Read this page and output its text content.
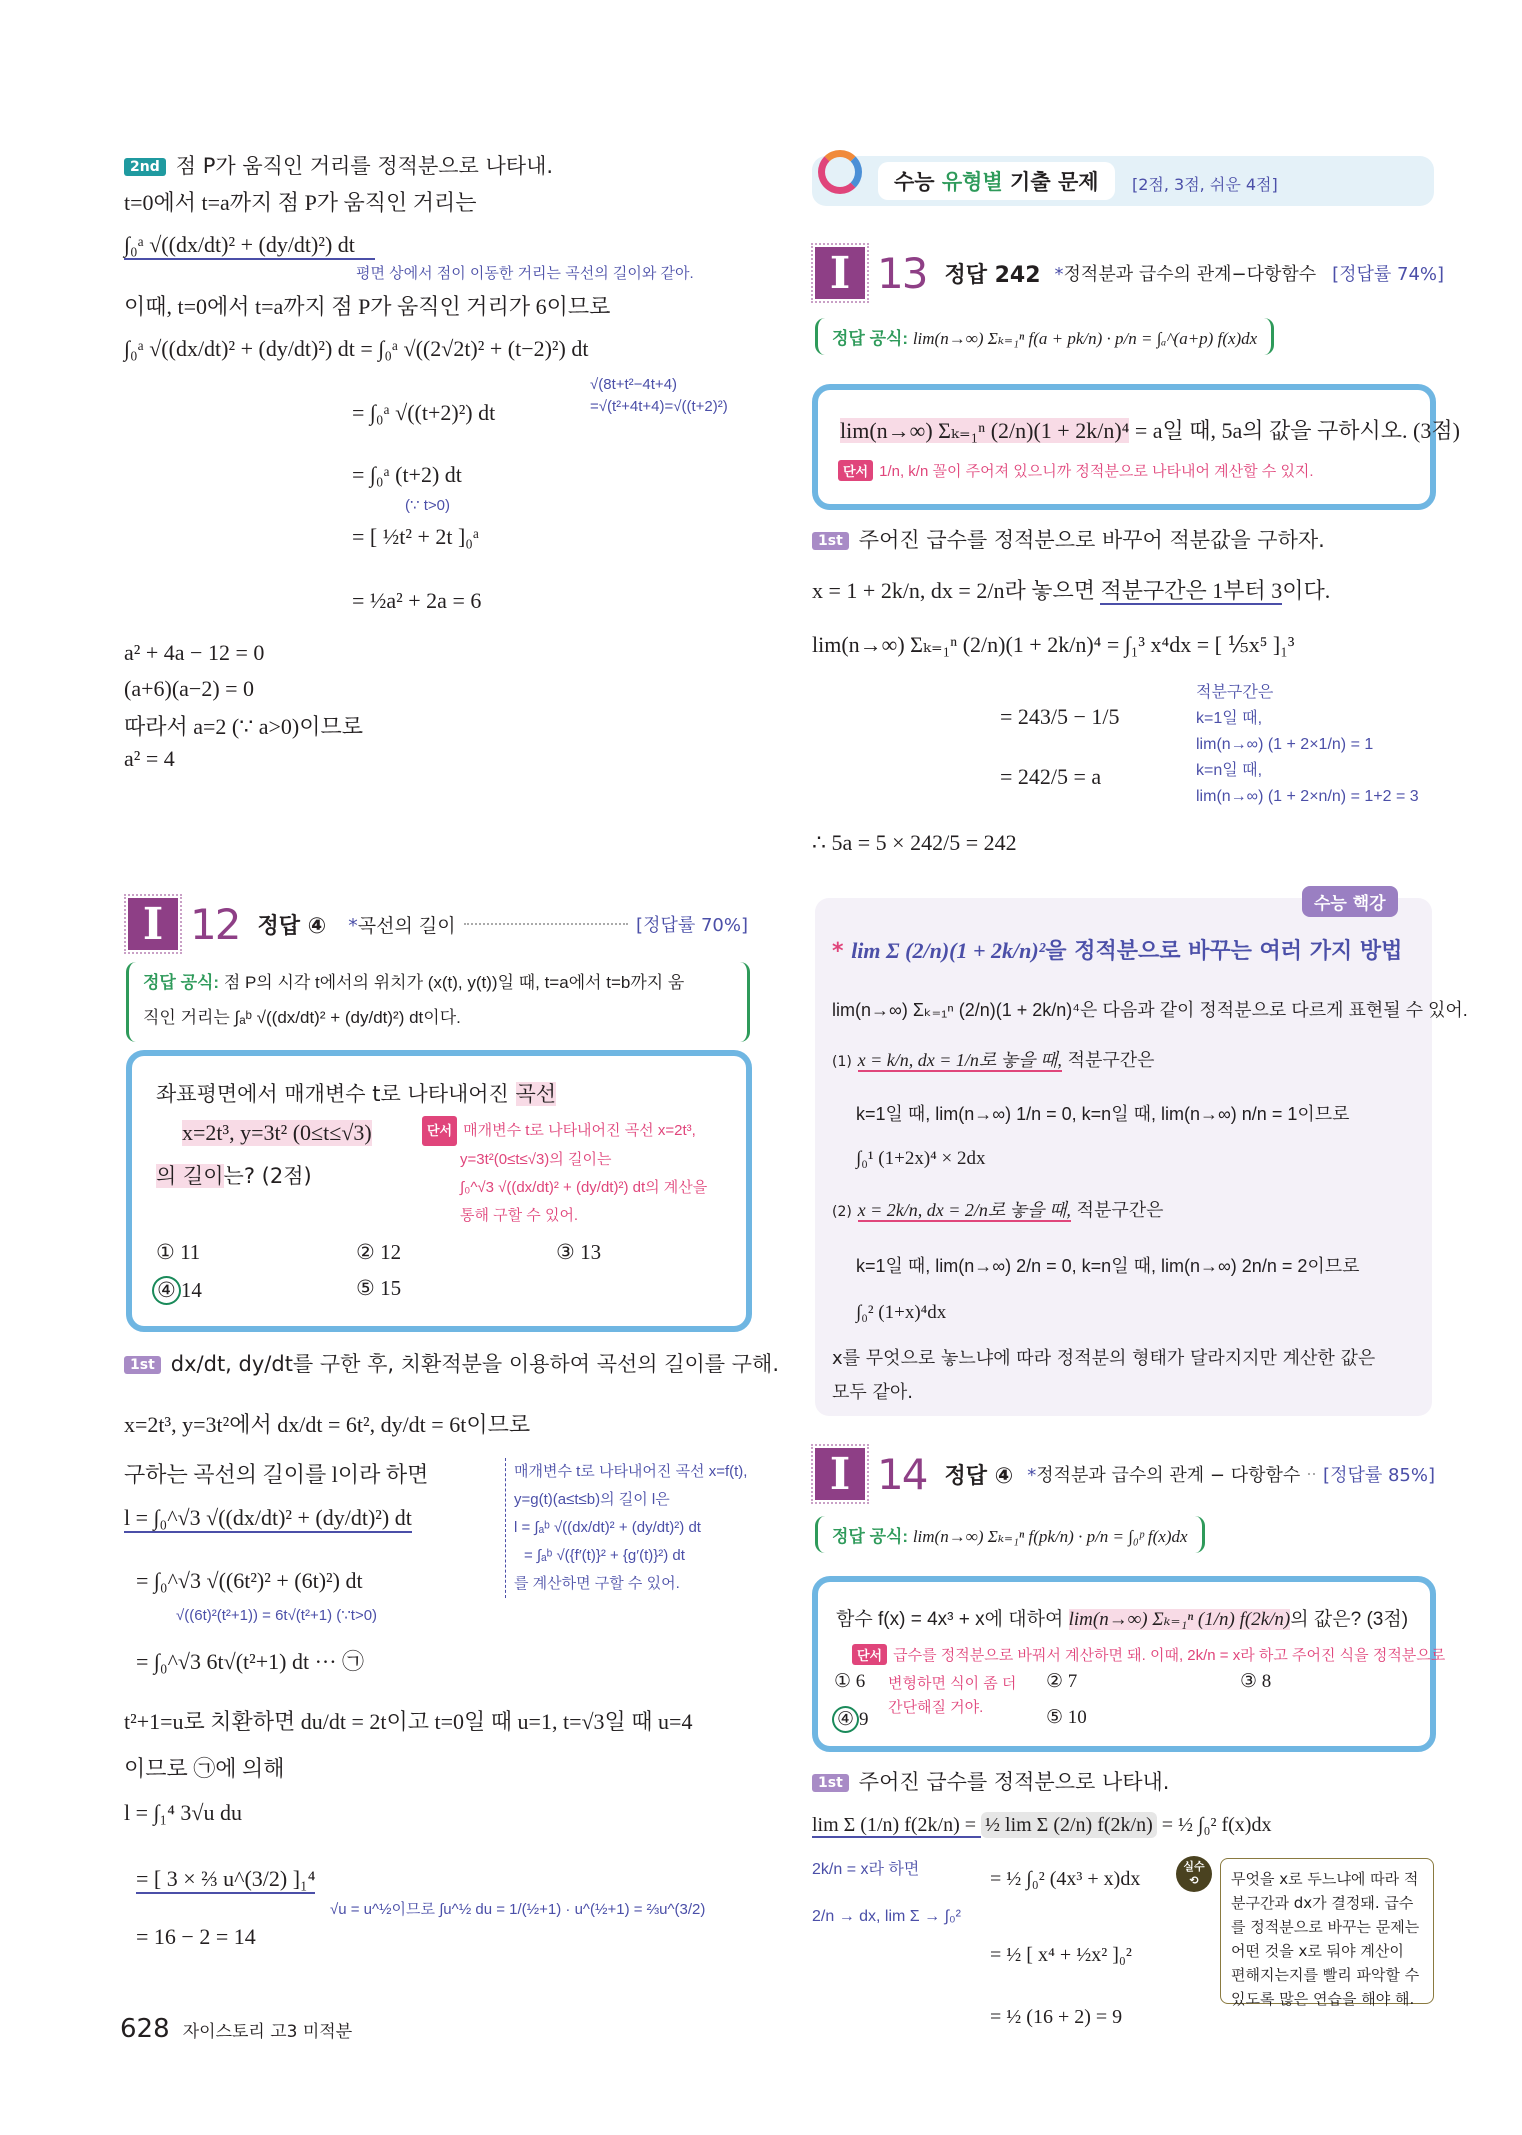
2nd 점 P가 움직인 거리를 정적분으로 나타내.
t=0에서 t=a까지 점 P가 움직인 거리는
∫₀ᵃ √((dx/dt)² + (dy/dt)²) dt
평면 상에서 점이 이동한 거리는 곡선의 길이와 같아.
이때, t=0에서 t=a까지 점 P가 움직인 거리가 6이므로
∫₀ᵃ √((dx/dt)² + (dy/dt)²) dt = ∫₀ᵃ √((2√2t)² + (t−2)²) dt
√(8t+t²−4t+4)
=√(t²+4t+4)=√((t+2)²)
= ∫₀ᵃ √((t+2)²) dt
= ∫₀ᵃ (t+2) dt
(∵ t>0)
= [ ½t² + 2t ]₀ᵃ
= ½a² + 2a = 6
a² + 4a − 12 = 0
(a+6)(a−2) = 0
따라서 a=2 (∵ a>0)이므로
a² = 4
I 12 정답 ④ *곡선의 길이	[정답률 70%]
정답 공식: 점 P의 시각 t에서의 위치가 (x(t), y(t))일 때, t=a에서 t=b까지 움
직인 거리는 ∫ₐᵇ √((dx/dt)² + (dy/dt)²) dt이다.
좌표평면에서 매개변수 t로 나타내어진 곡선
x=2t³, y=3t² (0≤t≤√3)
의 길이는? (2점)
단서 매개변수 t로 나타내어진 곡선 x=2t³,
y=3t²(0≤t≤√3)의 길이는
∫₀^√3 √((dx/dt)² + (dy/dt)²) dt의 계산을
통해 구할 수 있어.
① 11	② 12	③ 13
④ 14	⑤ 15
1st dx/dt, dy/dt를 구한 후, 치환적분을 이용하여 곡선의 길이를 구해.
x=2t³, y=3t²에서 dx/dt = 6t², dy/dt = 6t이므로
구하는 곡선의 길이를 l이라 하면
l = ∫₀^√3 √((dx/dt)² + (dy/dt)²) dt
= ∫₀^√3 √((6t²)² + (6t)²) dt
√((6t)²(t²+1)) = 6t√(t²+1) (∵t>0)
= ∫₀^√3 6t√(t²+1) dt ··· ㉠
매개변수 t로 나타내어진 곡선 x=f(t),
y=g(t)(a≤t≤b)의 길이 l은
l = ∫ₐᵇ √((dx/dt)² + (dy/dt)²) dt
= ∫ₐᵇ √({f′(t)}² + {g′(t)}²) dt
를 계산하면 구할 수 있어.
t²+1=u로 치환하면 du/dt = 2t이고 t=0일 때 u=1, t=√3일 때 u=4
이므로 ㉠에 의해
l = ∫₁⁴ 3√u du
= [ 3 × ⅔ u^(3/2) ]₁⁴
√u = u^½이므로 ∫u^½ du = 1/(½+1) · u^(½+1) = ⅔u^(3/2)
= 16 − 2 = 14
628 자이스토리 고3 미적분
수능 유형별 기출 문제	[2점, 3점, 쉬운 4점]
I 13 정답 242 *정적분과 급수의 관계−다항함수 [정답률 74%]
정답 공식: lim(n→∞) Σₖ₌₁ⁿ f(a + pk/n) · p/n = ∫ₐ^(a+p) f(x)dx
lim(n→∞) Σₖ₌₁ⁿ (2/n)(1 + 2k/n)⁴ = a일 때, 5a의 값을 구하시오. (3점)
단서 1/n, k/n 꼴이 주어져 있으니까 정적분으로 나타내어 계산할 수 있지.
1st 주어진 급수를 정적분으로 바꾸어 적분값을 구하자.
x = 1 + 2k/n, dx = 2/n라 놓으면 적분구간은 1부터 3이다.
lim(n→∞) Σₖ₌₁ⁿ (2/n)(1 + 2k/n)⁴ = ∫₁³ x⁴dx = [ ⅕x⁵ ]₁³
적분구간은
k=1일 때,
lim(n→∞) (1 + 2×1/n) = 1
k=n일 때,
lim(n→∞) (1 + 2×n/n) = 1+2 = 3
= 243/5 − 1/5
= 242/5 = a
∴ 5a = 5 × 242/5 = 242
수능 핵강
* lim Σ (2/n)(1 + 2k/n)²을 정적분으로 바꾸는 여러 가지 방법
lim(n→∞) Σₖ₌₁ⁿ (2/n)(1 + 2k/n)⁴은 다음과 같이 정적분으로 다르게 표현될 수 있어.
(1) x = k/n, dx = 1/n로 놓을 때, 적분구간은
k=1일 때, lim(n→∞) 1/n = 0, k=n일 때, lim(n→∞) n/n = 1이므로
∫₀¹ (1+2x)⁴ × 2dx
(2) x = 2k/n, dx = 2/n로 놓을 때, 적분구간은
k=1일 때, lim(n→∞) 2/n = 0, k=n일 때, lim(n→∞) 2n/n = 2이므로
∫₀² (1+x)⁴dx
x를 무엇으로 놓느냐에 따라 정적분의 형태가 달라지지만 계산한 값은
모두 같아.
I 14 정답 ④ *정적분과 급수의 관계 − 다항함수 [정답률 85%]
정답 공식: lim(n→∞) Σₖ₌₁ⁿ f(pk/n) · p/n = ∫₀ᵖ f(x)dx
함수 f(x) = 4x³ + x에 대하여 lim(n→∞) Σₖ₌₁ⁿ (1/n) f(2k/n)의 값은? (3점)
단서 급수를 정적분으로 바꿔서 계산하면 돼. 이때, 2k/n = x라 하고 주어진 식을 정적분으로
변형하면 식이 좀 더
간단해질 거야.
① 6	② 7	③ 8
④ 9	⑤ 10
1st 주어진 급수를 정적분으로 나타내.
lim Σ (1/n) f(2k/n) = ½ lim Σ (2/n) f(2k/n) = ½ ∫₀² f(x)dx
2k/n = x라 하면
2/n → dx, lim Σ → ∫₀²
= ½ ∫₀² (4x³ + x)dx
= ½ [ x⁴ + ½x² ]₀²
= ½ (16 + 2) = 9
실수
⟲	무엇을 x로 두느냐에 따라 적분구간과 dx가 결정돼. 급수를 정적분으로 바꾸는 문제는 어떤 것을 x로 둬야 계산이 편해지는지를 빨리 파악할 수 있도록 많은 연습을 해야 해.
